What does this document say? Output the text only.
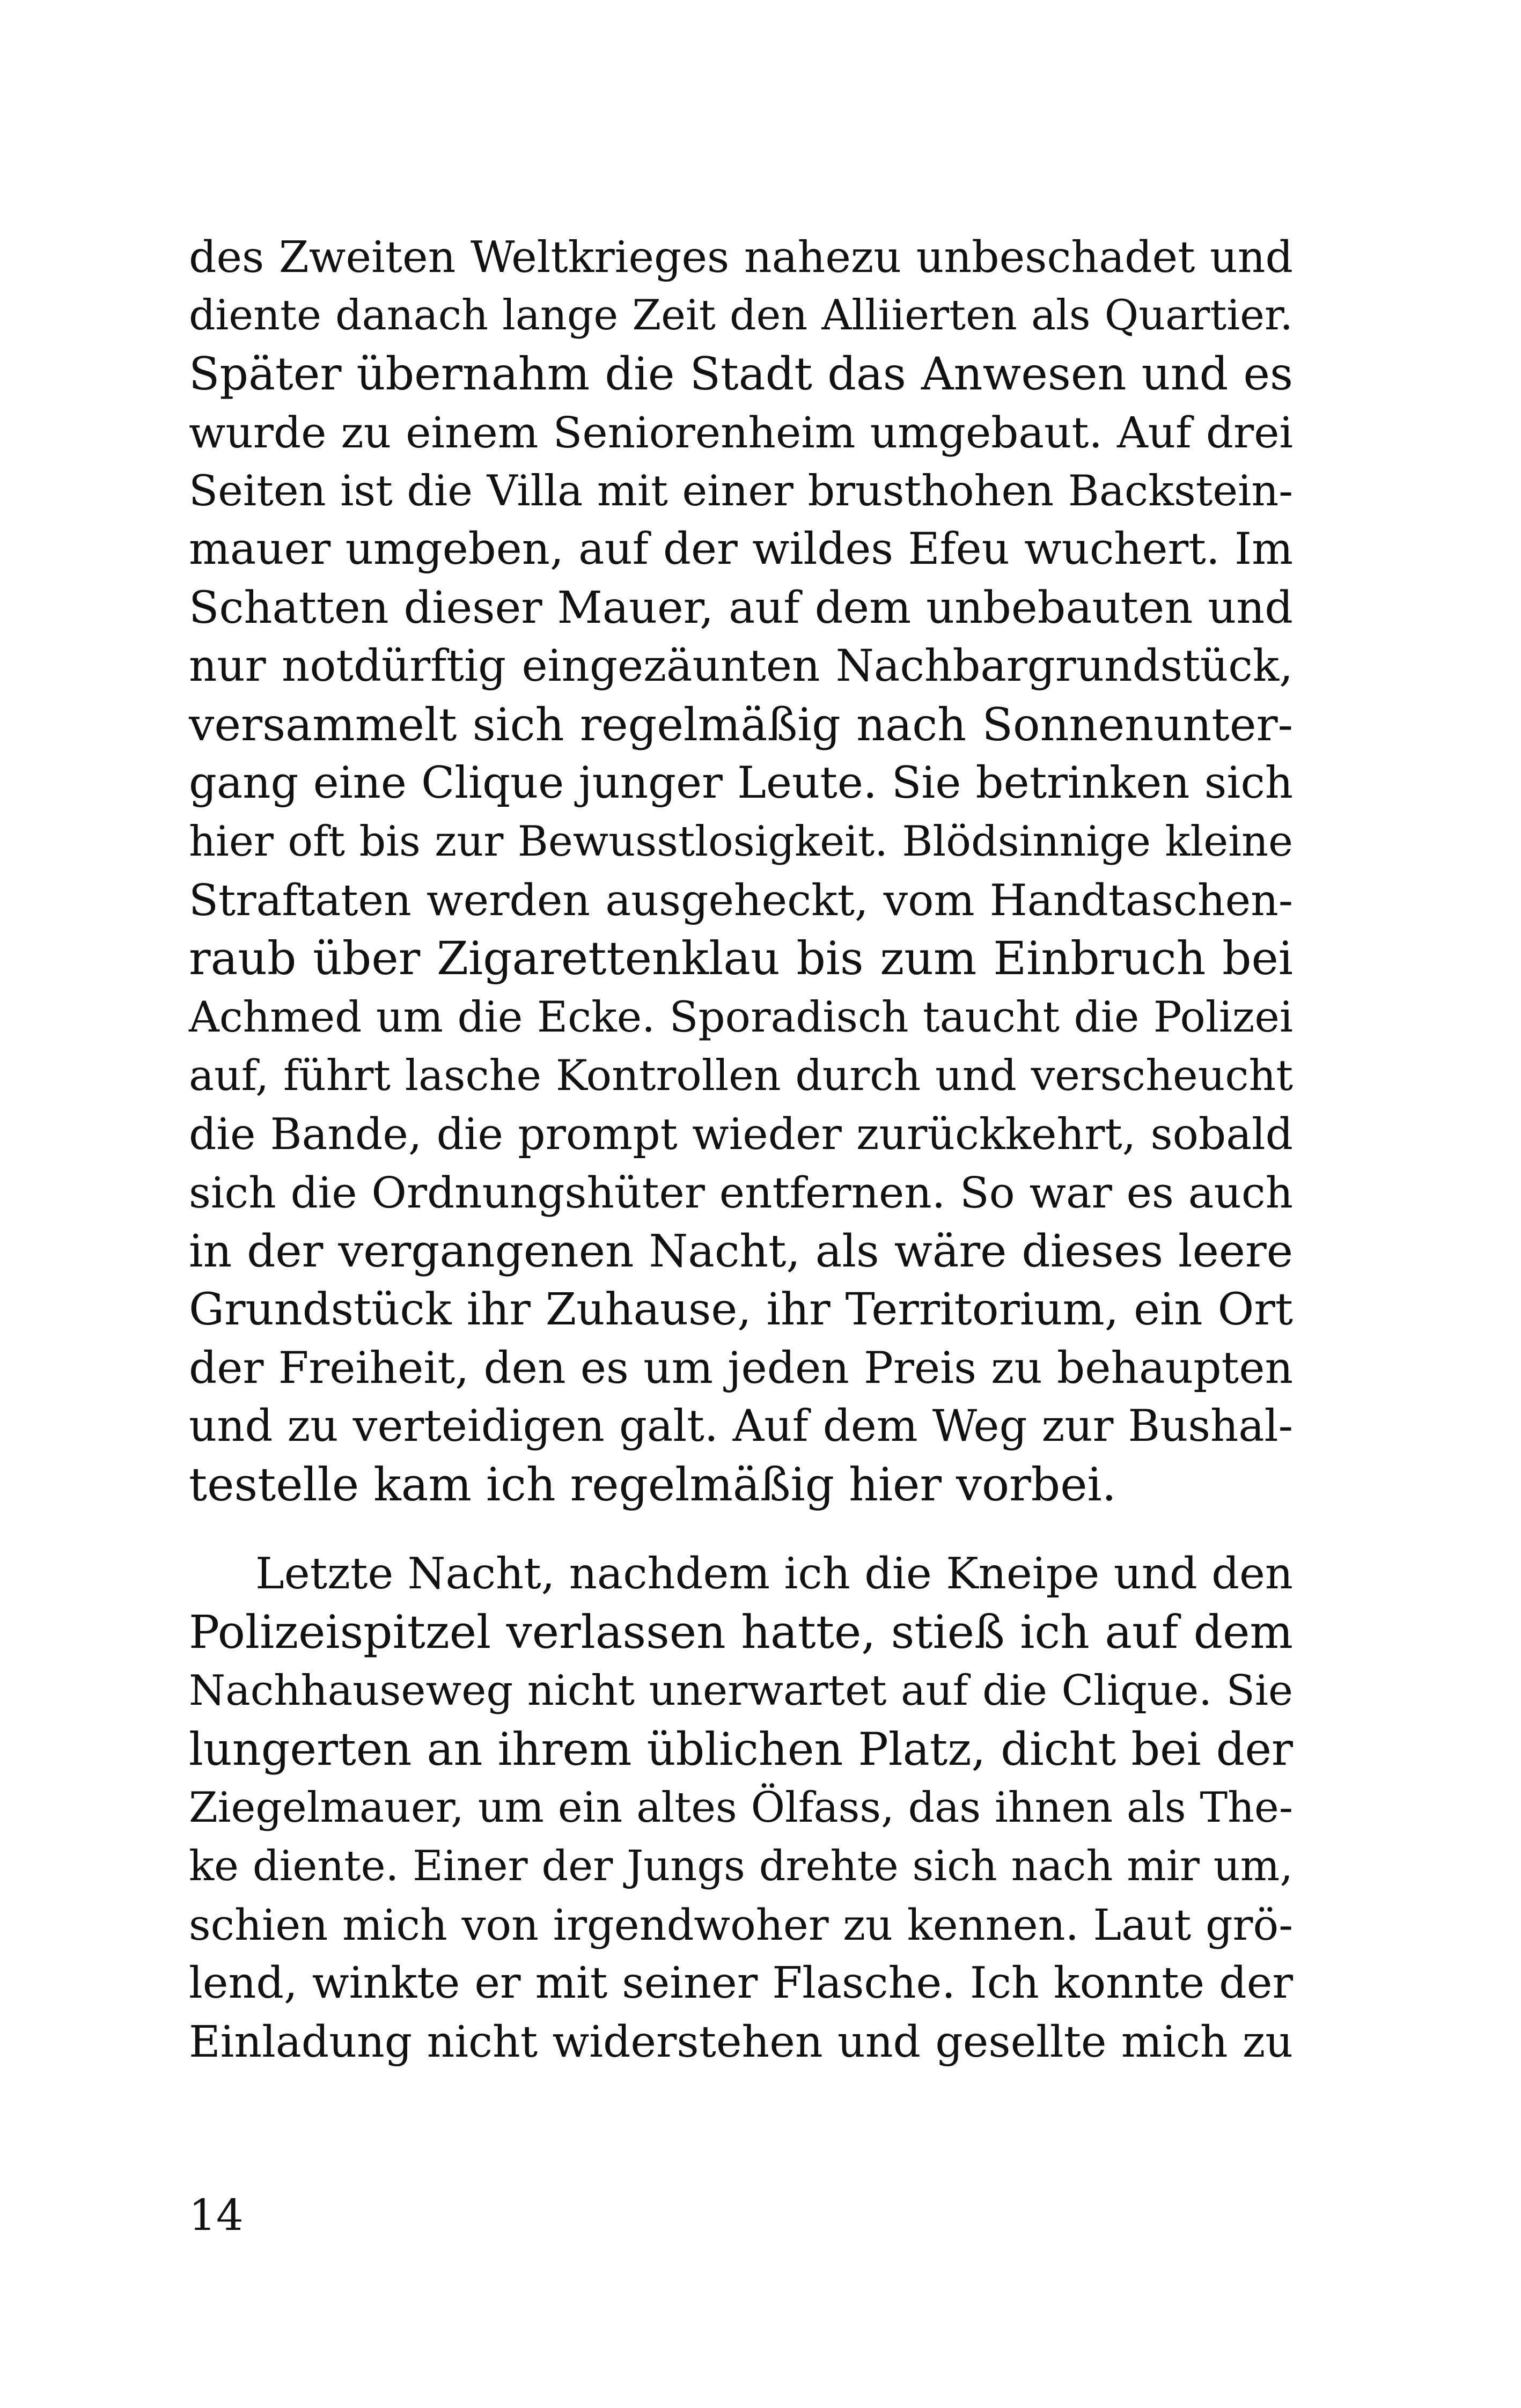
des Zweiten Weltkrieges nahezu unbeschadet und
diente danach lange Zeit den Alliierten als Quartier.
Später übernahm die Stadt das Anwesen und es
wurde zu einem Seniorenheim umgebaut. Auf drei
Seiten ist die Villa mit einer brusthohen Backstein-
mauer umgeben, auf der wildes Efeu wuchert. Im
Schatten dieser Mauer, auf dem unbebauten und
nur notdürftig eingezäunten Nachbargrundstück,
versammelt sich regelmäßig nach Sonnenunter-
gang eine Clique junger Leute. Sie betrinken sich
hier oft bis zur Bewusstlosigkeit. Blödsinnige kleine
Straftaten werden ausgeheckt, vom Handtaschen-
raub über Zigarettenklau bis zum Einbruch bei
Achmed um die Ecke. Sporadisch taucht die Polizei
auf, führt lasche Kontrollen durch und verscheucht
die Bande, die prompt wieder zurückkehrt, sobald
sich die Ordnungshüter entfernen. So war es auch
in der vergangenen Nacht, als wäre dieses leere
Grundstück ihr Zuhause, ihr Territorium, ein Ort
der Freiheit, den es um jeden Preis zu behaupten
und zu verteidigen galt. Auf dem Weg zur Bushal-
testelle kam ich regelmäßig hier vorbei.
Letzte Nacht, nachdem ich die Kneipe und den
Polizeispitzel verlassen hatte, stieß ich auf dem
Nachhauseweg nicht unerwartet auf die Clique. Sie
lungerten an ihrem üblichen Platz, dicht bei der
Ziegelmauer, um ein altes Ölfass, das ihnen als The-
ke diente. Einer der Jungs drehte sich nach mir um,
schien mich von irgendwoher zu kennen. Laut grö-
lend, winkte er mit seiner Flasche. Ich konnte der
Einladung nicht widerstehen und gesellte mich zu
14
